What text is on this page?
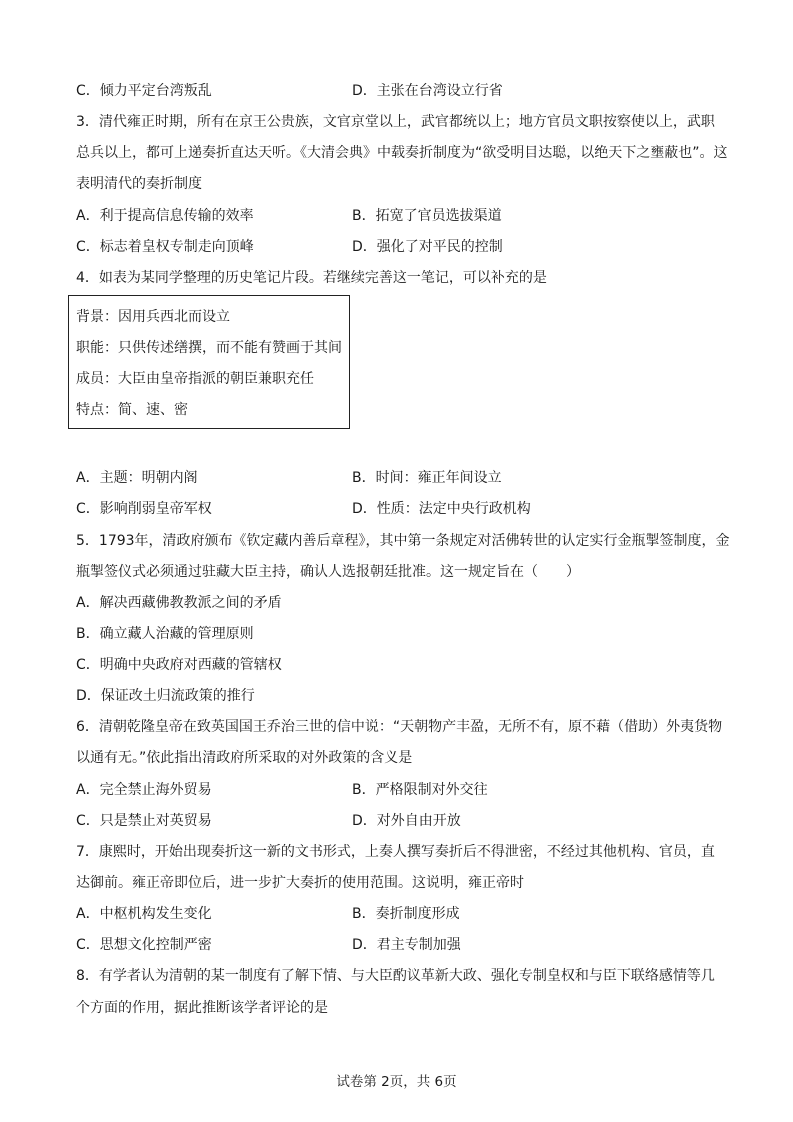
C．倾力平定台湾叛乱	D．主张在台湾设立行省
3．清代雍正时期，所有在京王公贵族，文官京堂以上，武官都统以上；地方官员文职按察使以上，武职
总兵以上，都可上递奏折直达天听。《大清会典》中载奏折制度为“欲受明目达聪，以绝天下之壅蔽也”。这
表明清代的奏折制度
A．利于提高信息传输的效率	B．拓宽了官员选拔渠道
C．标志着皇权专制走向顶峰	D．强化了对平民的控制
4．如表为某同学整理的历史笔记片段。若继续完善这一笔记，可以补充的是
背景：因用兵西北而设立
职能：只供传述缮撰，而不能有赞画于其间
成员：大臣由皇帝指派的朝臣兼职充任
特点：简、速、密
A．主题：明朝内阁	B．时间：雍正年间设立
C．影响削弱皇帝军权	D．性质：法定中央行政机构
5．1793年，清政府颁布《钦定藏内善后章程》，其中第一条规定对活佛转世的认定实行金瓶掣签制度，金
瓶掣签仪式必须通过驻藏大臣主持，确认人选报朝廷批准。这一规定旨在（　　）
A．解决西藏佛教教派之间的矛盾
B．确立藏人治藏的管理原则
C．明确中央政府对西藏的管辖权
D．保证改土归流政策的推行
6．清朝乾隆皇帝在致英国国王乔治三世的信中说：“天朝物产丰盈，无所不有，原不藉（借助）外夷货物
以通有无。”依此指出清政府所采取的对外政策的含义是
A．完全禁止海外贸易	B．严格限制对外交往
C．只是禁止对英贸易	D．对外自由开放
7．康熙时，开始出现奏折这一新的文书形式，上奏人撰写奏折后不得泄密，不经过其他机构、官员，直
达御前。雍正帝即位后，进一步扩大奏折的使用范围。这说明，雍正帝时
A．中枢机构发生变化	B．奏折制度形成
C．思想文化控制严密	D．君主专制加强
8．有学者认为清朝的某一制度有了解下情、与大臣酌议革新大政、强化专制皇权和与臣下联络感情等几
个方面的作用，据此推断该学者评论的是
试卷第 2页，共 6页
